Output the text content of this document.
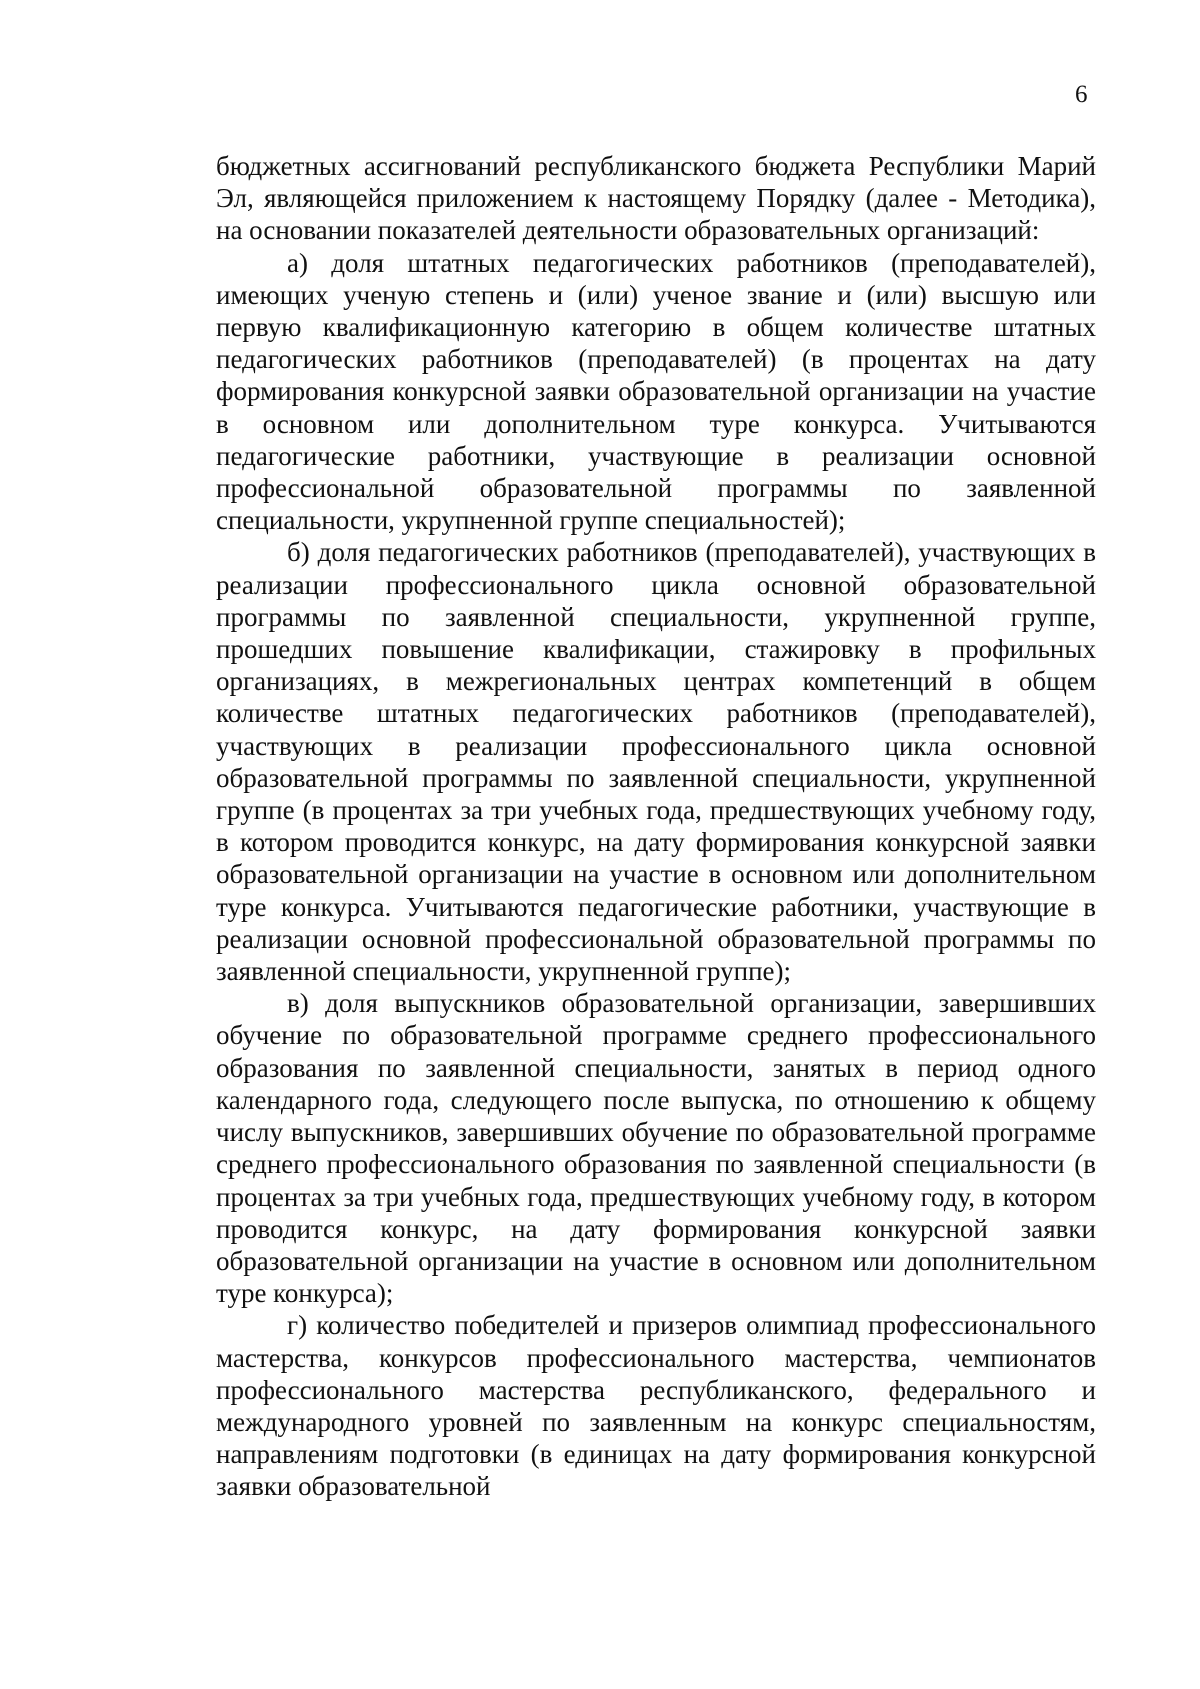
6

бюджетных ассигнований республиканского бюджета Республики Марий Эл, являющейся приложением к настоящему Порядку (далее - Методика), на основании показателей деятельности образовательных организаций:

а) доля штатных педагогических работников (преподавателей), имеющих ученую степень и (или) ученое звание и (или) высшую или первую квалификационную категорию в общем количестве штатных педагогических работников (преподавателей) (в процентах на дату формирования конкурсной заявки образовательной организации на участие в основном или дополнительном туре конкурса. Учитываются педагогические работники, участвующие в реализации основной профессиональной образовательной программы по заявленной специальности, укрупненной группе специальностей);

б) доля педагогических работников (преподавателей), участвующих в реализации профессионального цикла основной образовательной программы по заявленной специальности, укрупненной группе, прошедших повышение квалификации, стажировку в профильных организациях, в межрегиональных центрах компетенций в общем количестве штатных педагогических работников (преподавателей), участвующих в реализации профессионального цикла основной образовательной программы по заявленной специальности, укрупненной группе (в процентах за три учебных года, предшествующих учебному году, в котором проводится конкурс, на дату формирования конкурсной заявки образовательной организации на участие в основном или дополнительном туре конкурса. Учитываются педагогические работники, участвующие в реализации основной профессиональной образовательной программы по заявленной специальности, укрупненной группе);

в) доля выпускников образовательной организации, завершивших обучение по образовательной программе среднего профессионального образования по заявленной специальности, занятых в период одного календарного года, следующего после выпуска, по отношению к общему числу выпускников, завершивших обучение по образовательной программе среднего профессионального образования по заявленной специальности (в процентах за три учебных года, предшествующих учебному году, в котором проводится конкурс, на дату формирования конкурсной заявки образовательной организации на участие в основном или дополнительном туре конкурса);

г) количество победителей и призеров олимпиад профессионального мастерства, конкурсов профессионального мастерства, чемпионатов профессионального мастерства республиканского, федерального и международного уровней по заявленным на конкурс специальностям, направлениям подготовки (в единицах на дату формирования конкурсной заявки образовательной
